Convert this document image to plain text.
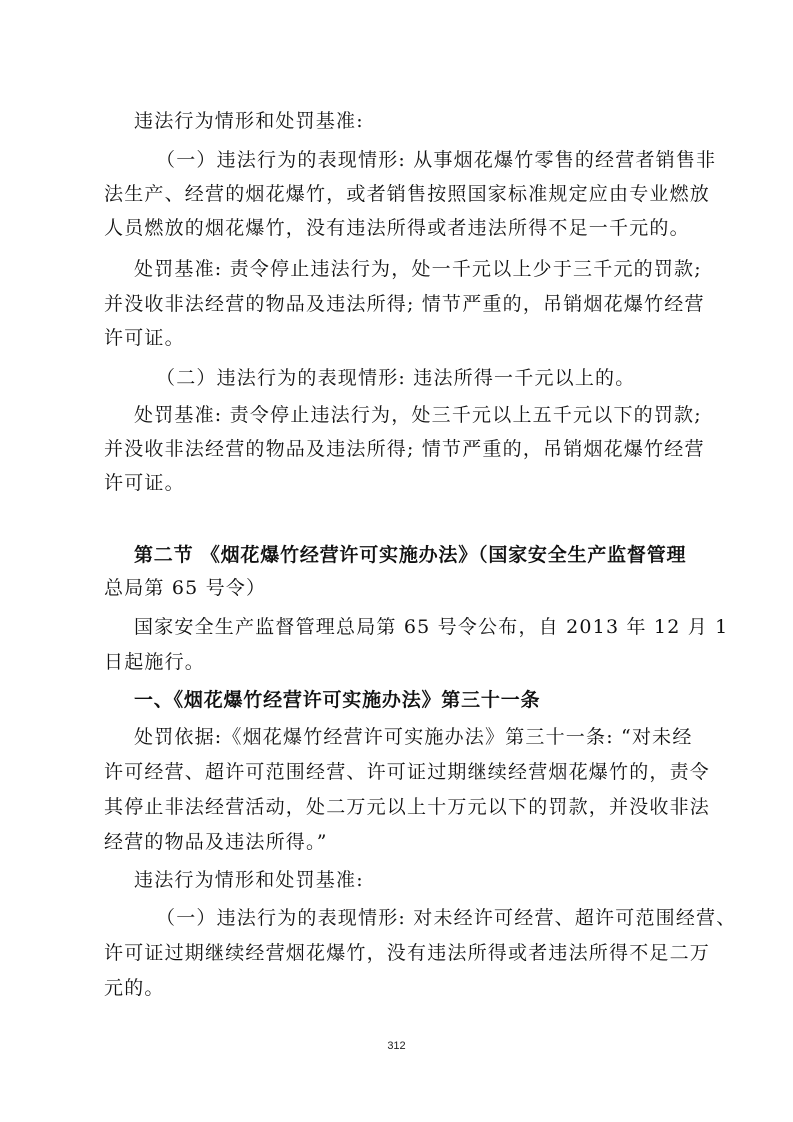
违法行为情形和处罚基准:
（一）违法行为的表现情形: 从事烟花爆竹零售的经营者销售非
法生产、经营的烟花爆竹，或者销售按照国家标准规定应由专业燃放
人员燃放的烟花爆竹，没有违法所得或者违法所得不足一千元的。
处罚基准: 责令停止违法行为，处一千元以上少于三千元的罚款;
并没收非法经营的物品及违法所得; 情节严重的，吊销烟花爆竹经营
许可证。
（二）违法行为的表现情形: 违法所得一千元以上的。
处罚基准: 责令停止违法行为，处三千元以上五千元以下的罚款;
并没收非法经营的物品及违法所得; 情节严重的，吊销烟花爆竹经营
许可证。
第二节 《烟花爆竹经营许可实施办法》（国家安全生产监督管理
总局第 65 号令）
国家安全生产监督管理总局第 65 号令公布，自 2013 年 12 月 1
日起施行。
一、《烟花爆竹经营许可实施办法》第三十一条
处罚依据:《烟花爆竹经营许可实施办法》第三十一条: “对未经
许可经营、超许可范围经营、许可证过期继续经营烟花爆竹的，责令
其停止非法经营活动，处二万元以上十万元以下的罚款，并没收非法
经营的物品及违法所得。”
违法行为情形和处罚基准:
（一）违法行为的表现情形: 对未经许可经营、超许可范围经营、
许可证过期继续经营烟花爆竹，没有违法所得或者违法所得不足二万
元的。
312
